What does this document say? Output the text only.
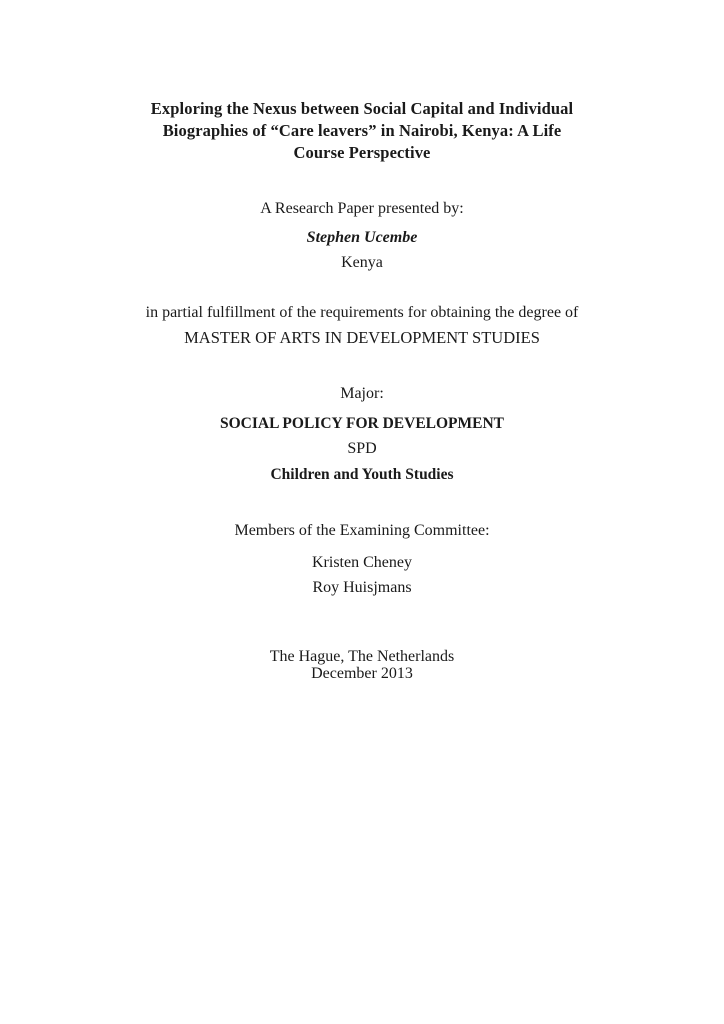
Exploring the Nexus between Social Capital and Individual
Biographies of “Care leavers” in Nairobi, Kenya: A Life
Course Perspective
A Research Paper presented by:
Stephen Ucembe
Kenya
in partial fulfillment of the requirements for obtaining the degree of
MASTER OF ARTS IN DEVELOPMENT STUDIES
Major:
SOCIAL POLICY FOR DEVELOPMENT
SPD
Children and Youth Studies
Members of the Examining Committee:
Kristen Cheney
Roy Huisjmans
The Hague, The Netherlands
December 2013
